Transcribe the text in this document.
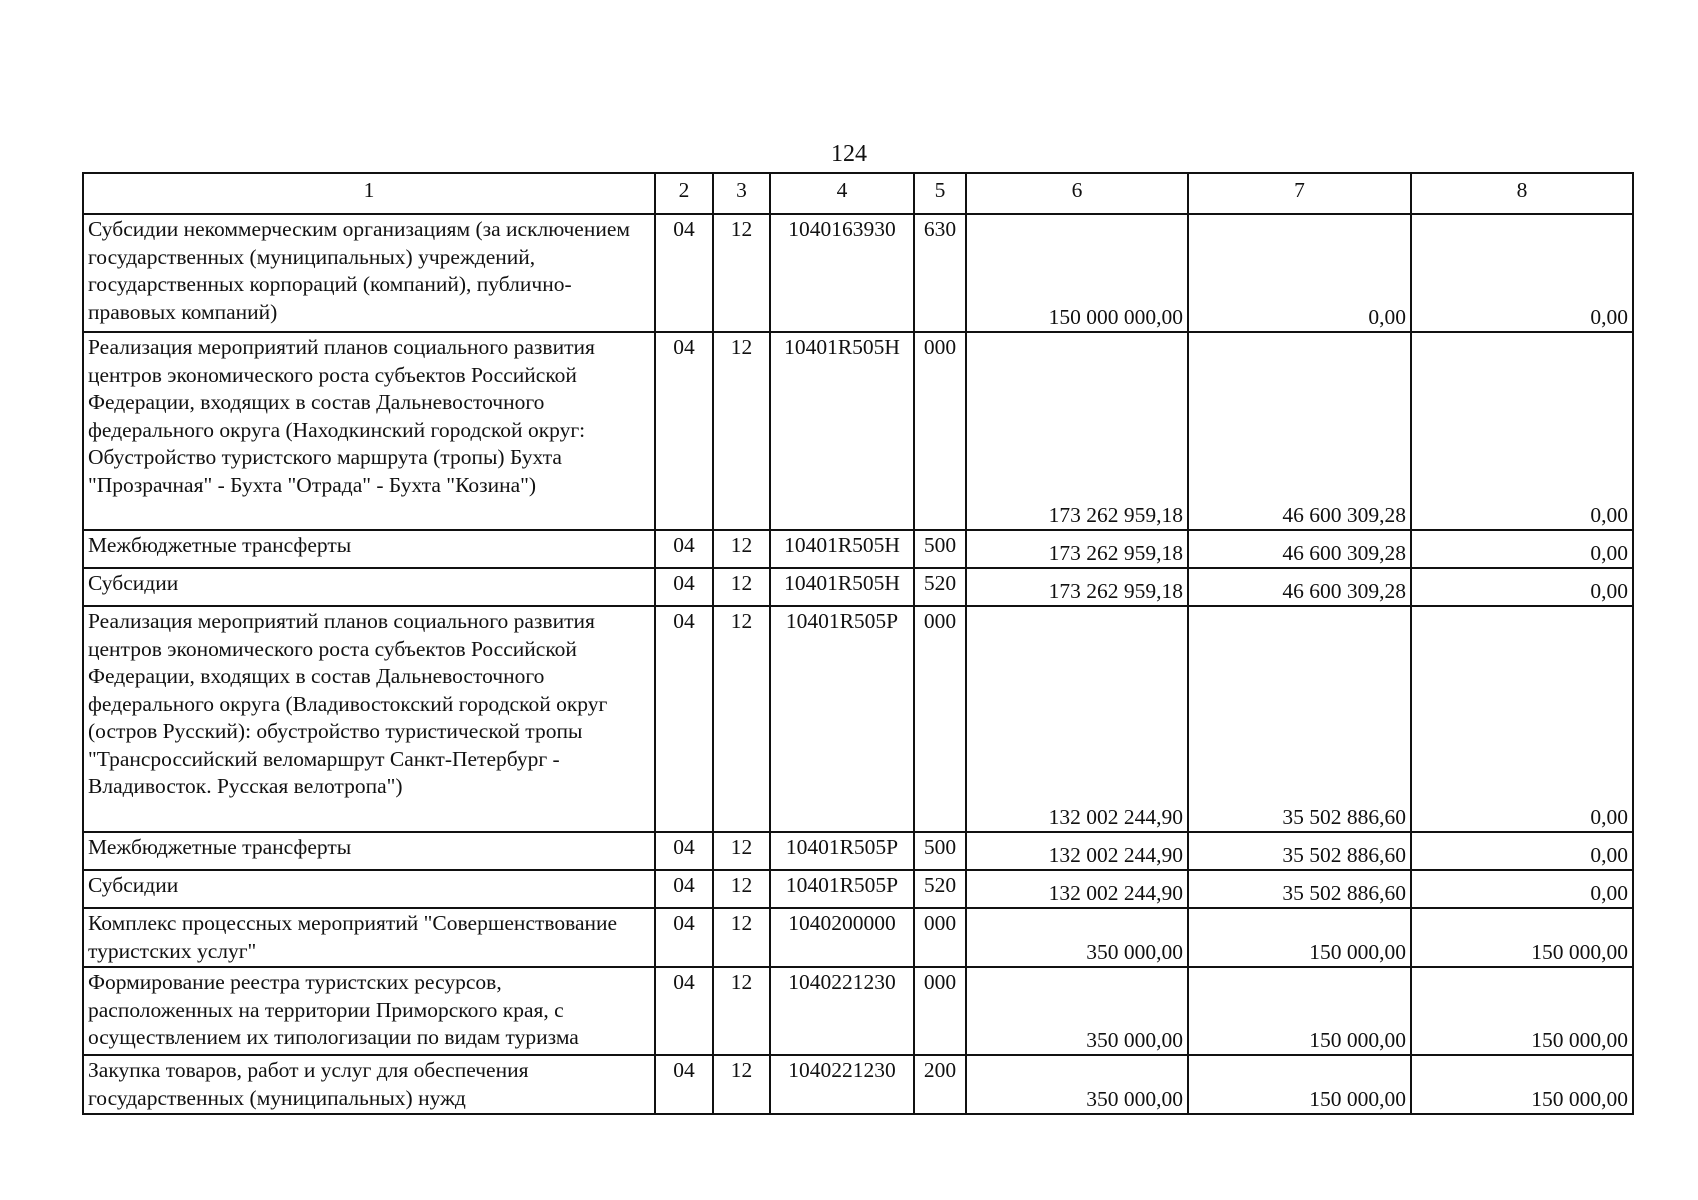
124
1	2	3	4	5	6	7	8
Субсидии некоммерческим организациям (за исключением государственных (муниципальных) учреждений, государственных корпораций (компаний), публично-правовых компаний)	04	12	1040163930	630	150 000 000,00	0,00	0,00
Реализация мероприятий планов социального развития центров экономического роста субъектов Российской Федерации, входящих в состав Дальневосточного федерального округа (Находкинский городской округ: Обустройство туристского маршрута (тропы) Бухта "Прозрачная" - Бухта "Отрада" - Бухта "Козина")	04	12	10401R505H	000	173 262 959,18	46 600 309,28	0,00
Межбюджетные трансферты	04	12	10401R505H	500	173 262 959,18	46 600 309,28	0,00
Субсидии	04	12	10401R505H	520	173 262 959,18	46 600 309,28	0,00
Реализация мероприятий планов социального развития центров экономического роста субъектов Российской Федерации, входящих в состав Дальневосточного федерального округа (Владивостокский городской округ (остров Русский): обустройство туристической тропы "Трансроссийский веломаршрут Санкт-Петербург - Владивосток. Русская велотропа")	04	12	10401R505P	000	132 002 244,90	35 502 886,60	0,00
Межбюджетные трансферты	04	12	10401R505P	500	132 002 244,90	35 502 886,60	0,00
Субсидии	04	12	10401R505P	520	132 002 244,90	35 502 886,60	0,00
Комплекс процессных мероприятий "Совершенствование туристских услуг"	04	12	1040200000	000	350 000,00	150 000,00	150 000,00
Формирование реестра туристских ресурсов, расположенных на территории Приморского края, с осуществлением их типологизации по видам туризма	04	12	1040221230	000	350 000,00	150 000,00	150 000,00
Закупка товаров, работ и услуг для обеспечения государственных (муниципальных) нужд	04	12	1040221230	200	350 000,00	150 000,00	150 000,00
